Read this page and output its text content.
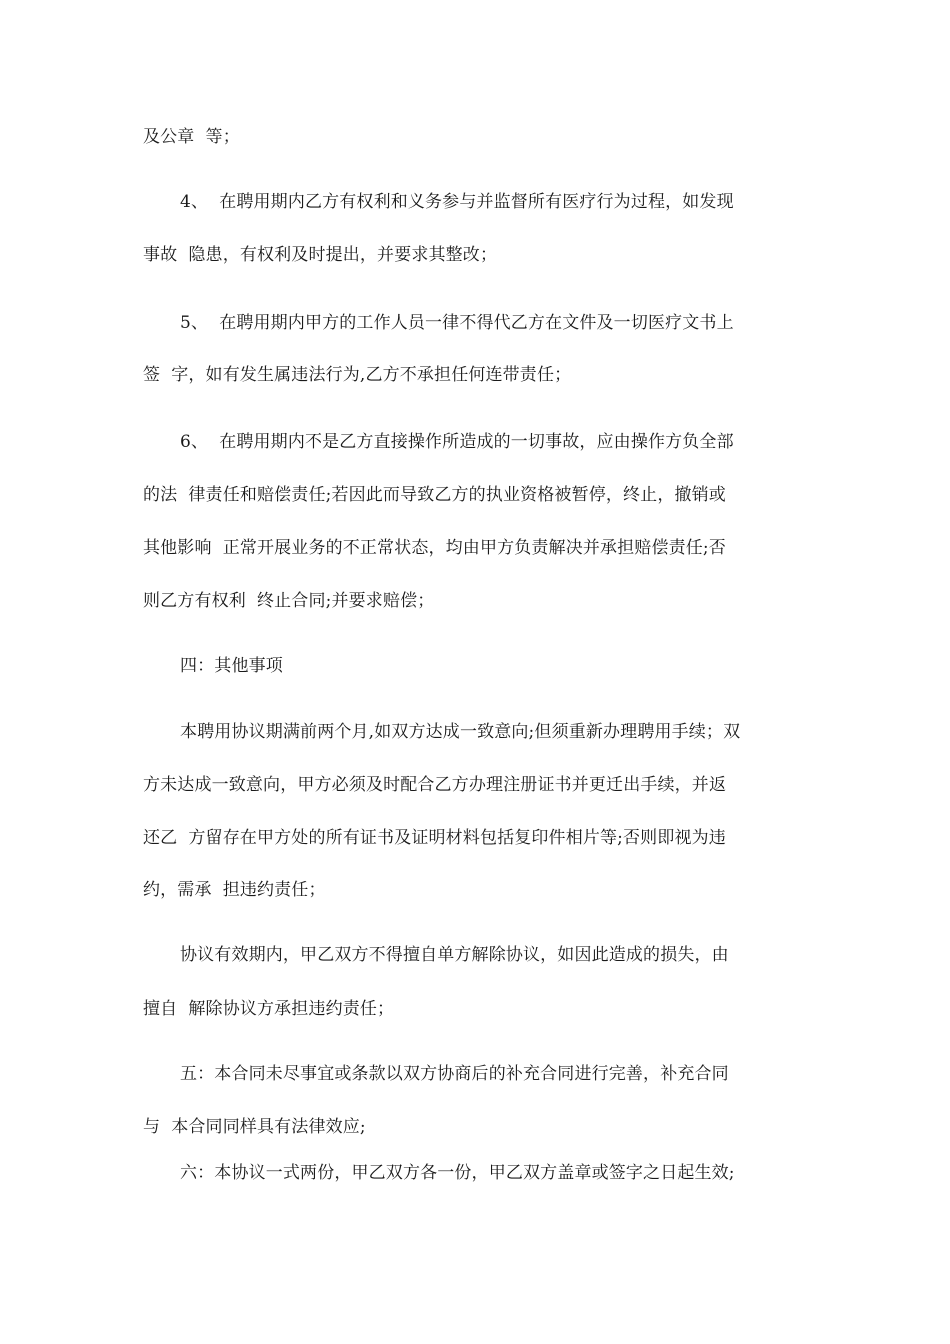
及公章  等；
4、  在聘用期内乙方有权利和义务参与并监督所有医疗行为过程，如发现
事故  隐患，有权利及时提出，并要求其整改；
5、  在聘用期内甲方的工作人员一律不得代乙方在文件及一切医疗文书上
签  字，如有发生属违法行为,乙方不承担任何连带责任；
6、  在聘用期内不是乙方直接操作所造成的一切事故，应由操作方负全部
的法  律责任和赔偿责任;若因此而导致乙方的执业资格被暂停，终止，撤销或
其他影响  正常开展业务的不正常状态，均由甲方负责解决并承担赔偿责任;否
则乙方有权利  终止合同;并要求赔偿；
四：其他事项
本聘用协议期满前两个月,如双方达成一致意向;但须重新办理聘用手续；双
方未达成一致意向，甲方必须及时配合乙方办理注册证书并更迁出手续，并返
还乙  方留存在甲方处的所有证书及证明材料包括复印件相片等;否则即视为违
约，需承  担违约责任；
协议有效期内，甲乙双方不得擅自单方解除协议，如因此造成的损失，由
擅自  解除协议方承担违约责任；
五：本合同未尽事宜或条款以双方协商后的补充合同进行完善，补充合同
与  本合同同样具有法律效应;
六：本协议一式两份，甲乙双方各一份，甲乙双方盖章或签字之日起生效;
